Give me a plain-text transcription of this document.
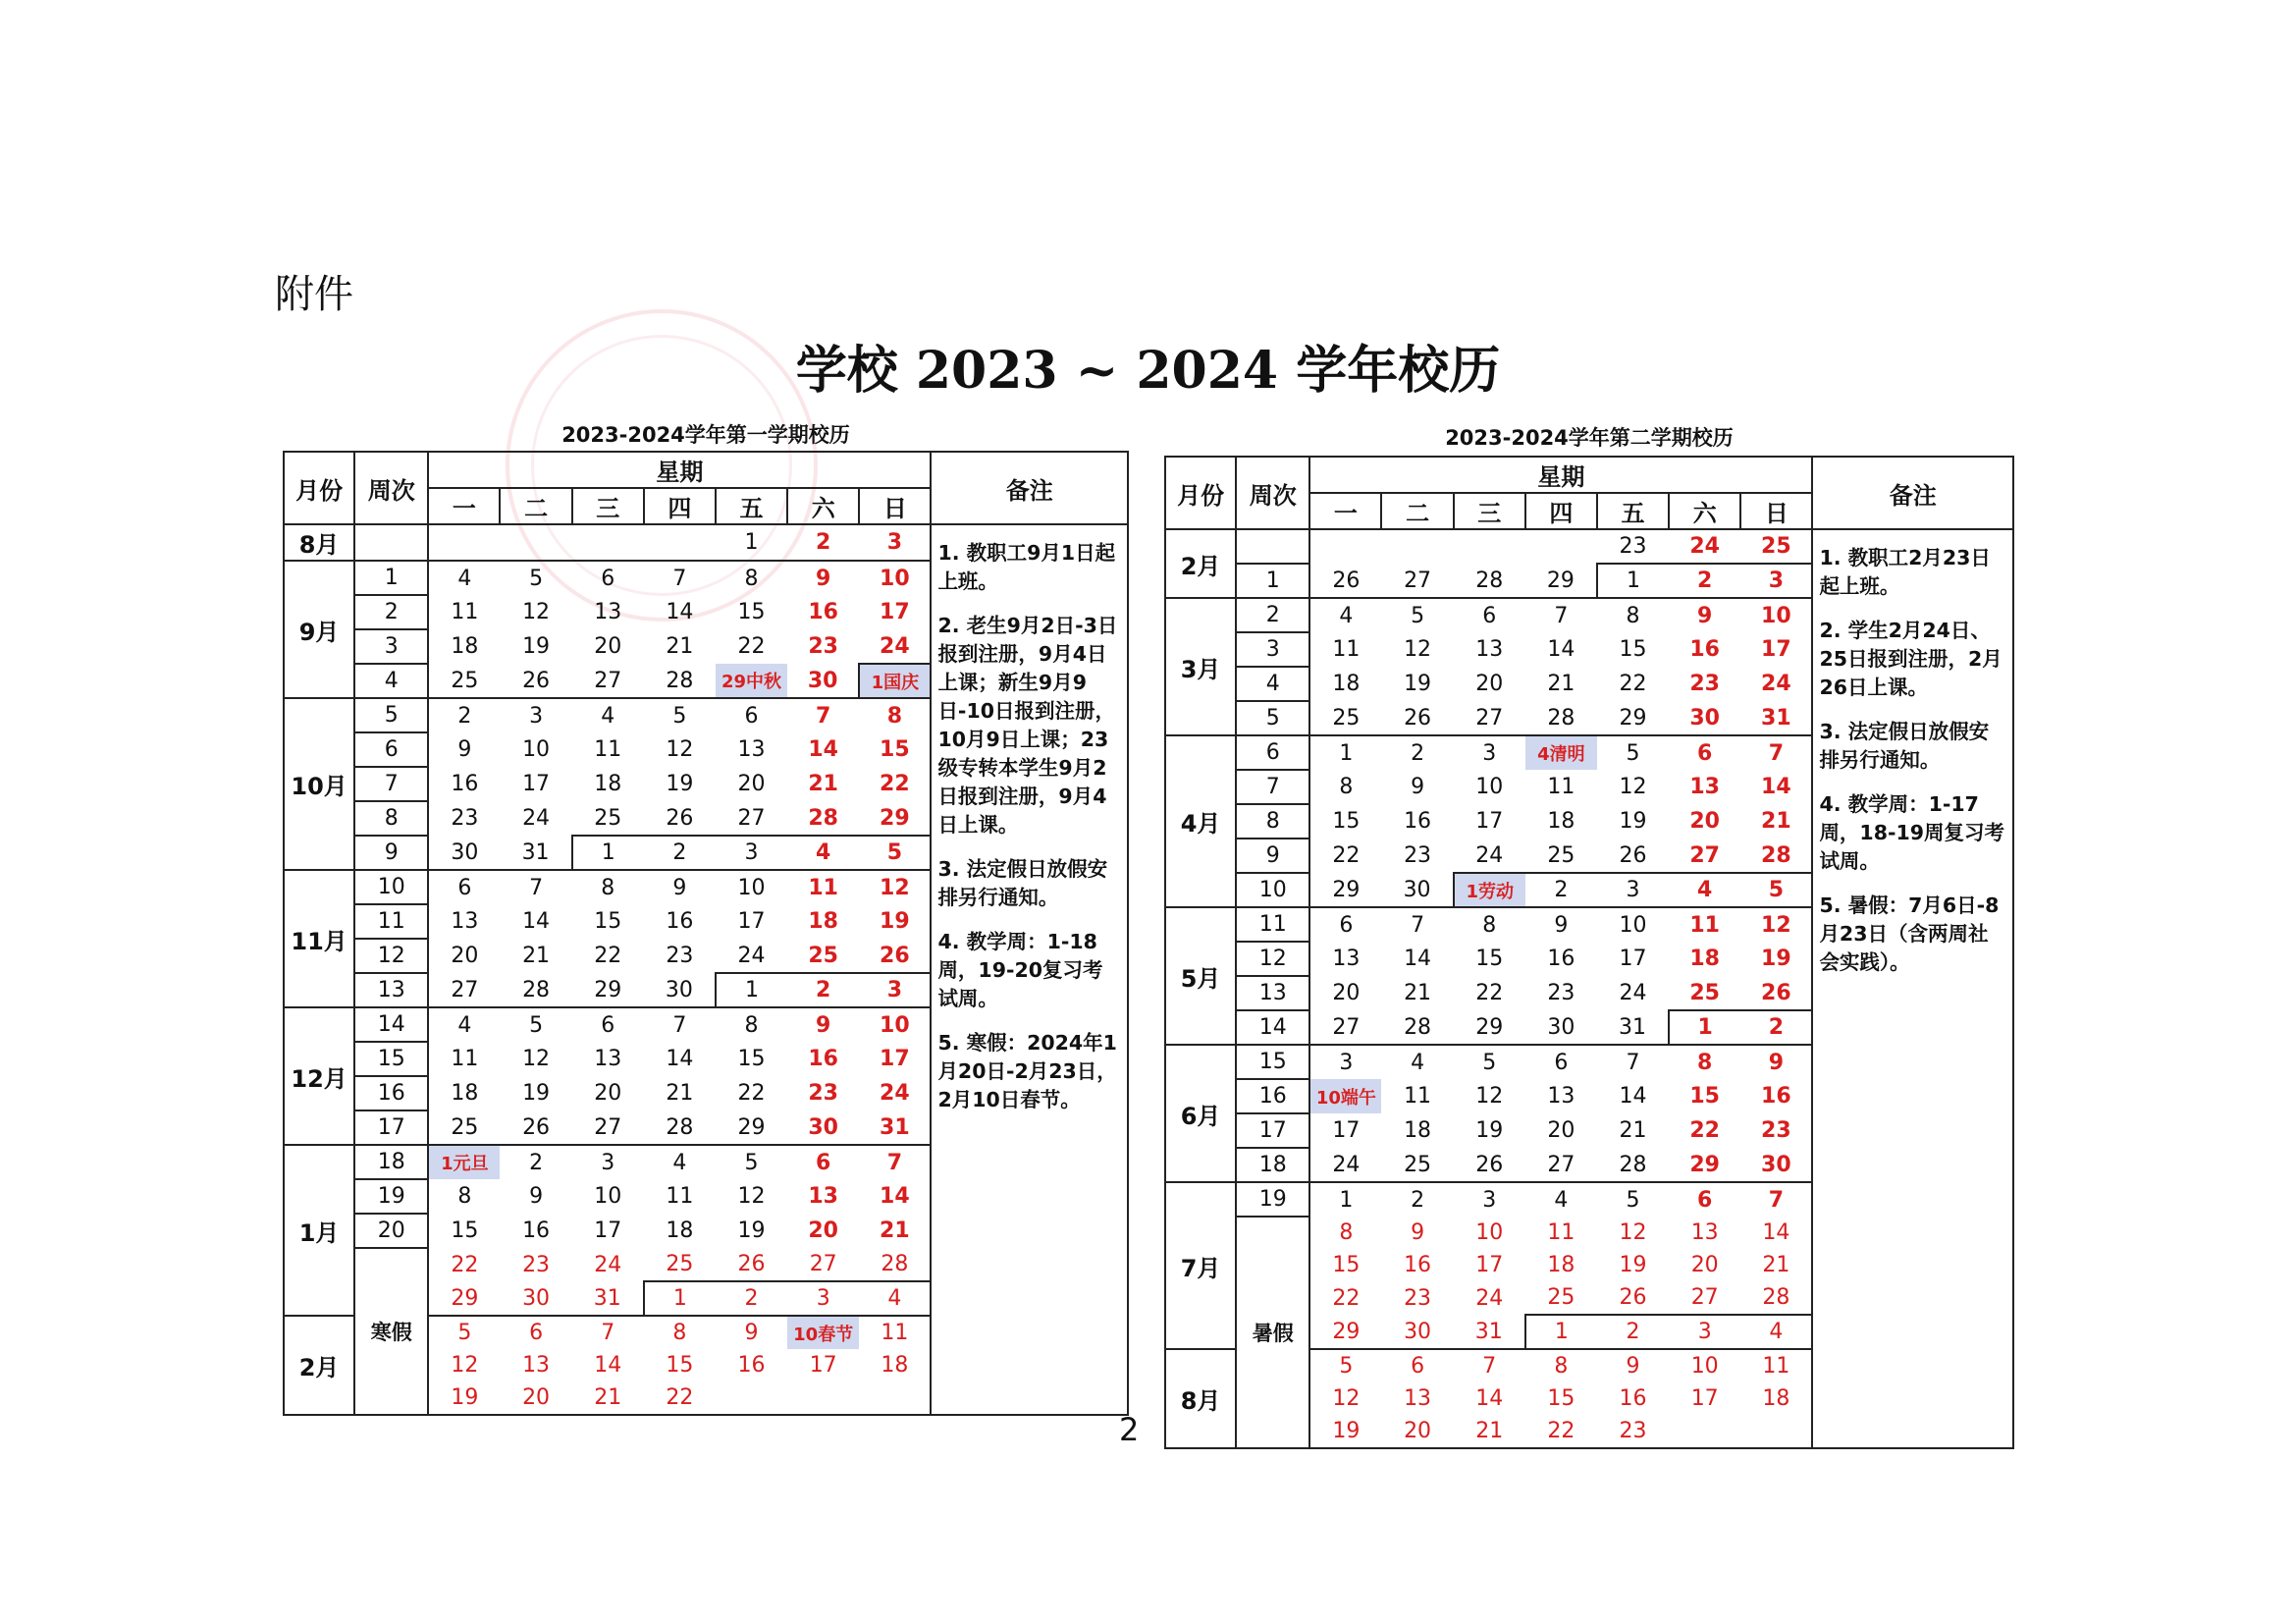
附件
学校 2023 ~ 2024 学年校历
2023-2024学年第一学期校历
月份	周次	星期							备注
		一	二	三	四	五	六	日	
8月						1	2	3	1. 教职工9月1日起上班。
2. 老生9月2日-3日报到注册，9月4日上课；新生9月9日-10日报到注册，10月9日上课；23级专转本学生9月2日报到注册，9月4日上课。
3. 法定假日放假安排另行通知。
4. 教学周：1-18周，19-20复习考试周。
5. 寒假：2024年1月20日-2月23日，2月10日春节。

9月	1	4	5	6	7	8	9	10	
	2	11	12	13	14	15	16	17	
	3	18	19	20	21	22	23	24	
	4	25	26	27	28	29中秋	30	1国庆	
10月	5	2	3	4	5	6	7	8	
	6	9	10	11	12	13	14	15	
	7	16	17	18	19	20	21	22	
	8	23	24	25	26	27	28	29	
	9	30	31	1	2	3	4	5	
11月	10	6	7	8	9	10	11	12	
	11	13	14	15	16	17	18	19	
	12	20	21	22	23	24	25	26	
	13	27	28	29	30	1	2	3	
12月	14	4	5	6	7	8	9	10	
	15	11	12	13	14	15	16	17	
	16	18	19	20	21	22	23	24	
	17	25	26	27	28	29	30	31	
1月	18	1元旦	2	3	4	5	6	7	
	19	8	9	10	11	12	13	14	
	20	15	16	17	18	19	20	21	
	寒假	22	23	24	25	26	27	28	
		29	30	31	1	2	3	4	
2月		5	6	7	8	9	10春节	11	
		12	13	14	15	16	17	18	
		19	20	21	22				
2023-2024学年第二学期校历
月份	周次	星期							备注
		一	二	三	四	五	六	日	
2月						23	24	25	1. 教职工2月23日起上班。
2. 学生2月24日、25日报到注册，2月26日上课。
3. 法定假日放假安排另行通知。
4. 教学周：1-17周，18-19周复习考试周。
5. 暑假：7月6日-8月23日（含两周社会实践）。

	1	26	27	28	29	1	2	3	
3月	2	4	5	6	7	8	9	10	
	3	11	12	13	14	15	16	17	
	4	18	19	20	21	22	23	24	
	5	25	26	27	28	29	30	31	
4月	6	1	2	3	4清明	5	6	7	
	7	8	9	10	11	12	13	14	
	8	15	16	17	18	19	20	21	
	9	22	23	24	25	26	27	28	
	10	29	30	1劳动	2	3	4	5	
5月	11	6	7	8	9	10	11	12	
	12	13	14	15	16	17	18	19	
	13	20	21	22	23	24	25	26	
	14	27	28	29	30	31	1	2	
6月	15	3	4	5	6	7	8	9	
	16	10端午	11	12	13	14	15	16	
	17	17	18	19	20	21	22	23	
	18	24	25	26	27	28	29	30	
7月	19	1	2	3	4	5	6	7	
	暑假	8	9	10	11	12	13	14	
		15	16	17	18	19	20	21	
		22	23	24	25	26	27	28	
		29	30	31	1	2	3	4	
8月		5	6	7	8	9	10	11	
		12	13	14	15	16	17	18	
		19	20	21	22	23			
2
